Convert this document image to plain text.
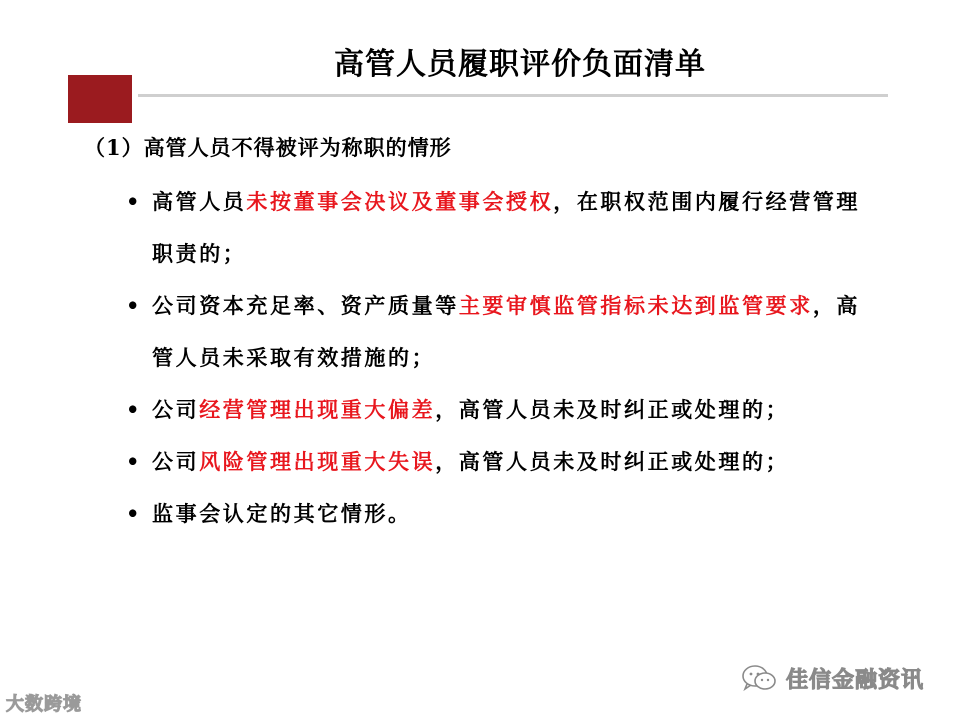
高管人员履职评价负面清单
（1）高管人员不得被评为称职的情形
• 高管人员未按董事会决议及董事会授权，在职权范围内履行经营管理职责的；
• 公司资本充足率、资产质量等主要审慎监管指标未达到监管要求，高管人员未采取有效措施的；
• 公司经营管理出现重大偏差，高管人员未及时纠正或处理的；
• 公司风险管理出现重大失误，高管人员未及时纠正或处理的；
• 监事会认定的其它情形。
大数跨境
佳信金融资讯
